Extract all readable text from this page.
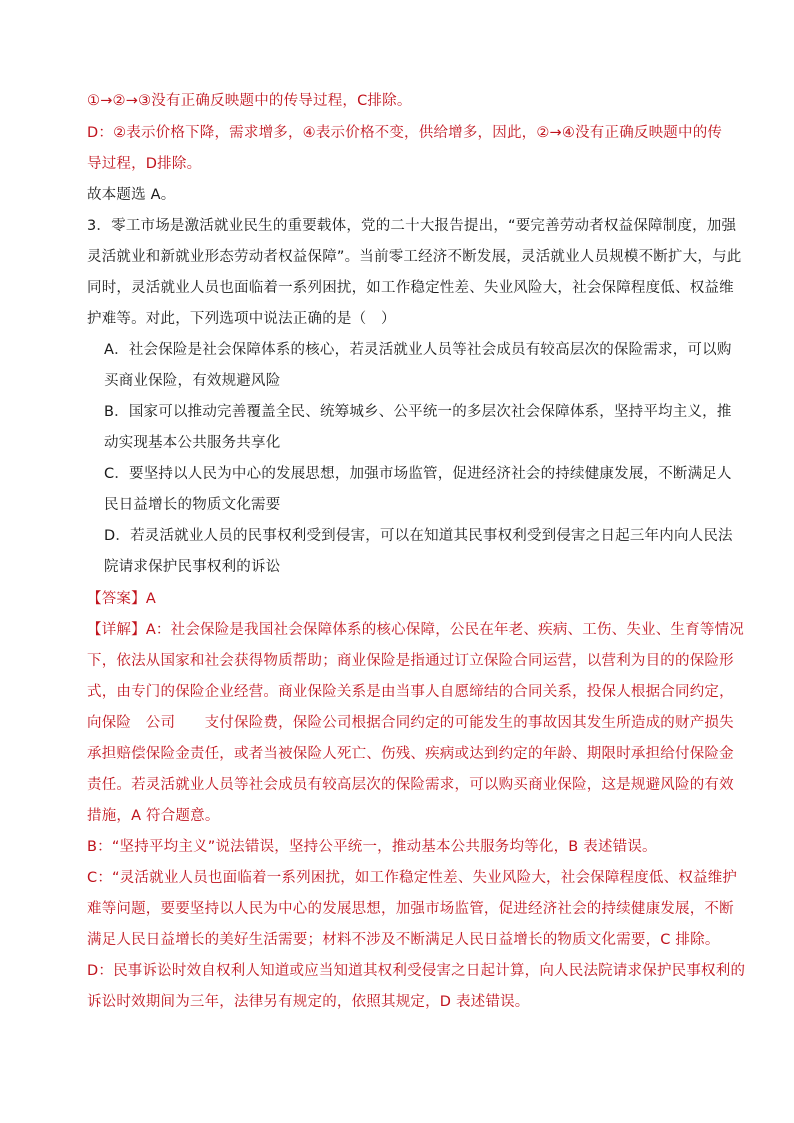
①→②→③没有正确反映题中的传导过程，C排除。
D：②表示价格下降，需求增多，④表示价格不变，供给增多，因此，②→④没有正确反映题中的传
导过程，D排除。
故本题选 A。
3．零工市场是激活就业民生的重要载体，党的二十大报告提出，“要完善劳动者权益保障制度，加强
灵活就业和新就业形态劳动者权益保障”。当前零工经济不断发展，灵活就业人员规模不断扩大，与此
同时，灵活就业人员也面临着一系列困扰，如工作稳定性差、失业风险大，社会保障程度低、权益维
护难等。对此，下列选项中说法正确的是（　）
A．社会保险是社会保障体系的核心，若灵活就业人员等社会成员有较高层次的保险需求，可以购
买商业保险，有效规避风险
B．国家可以推动完善覆盖全民、统筹城乡、公平统一的多层次社会保障体系，坚持平均主义，推
动实现基本公共服务共享化
C．要坚持以人民为中心的发展思想，加强市场监管，促进经济社会的持续健康发展，不断满足人
民日益增长的物质文化需要
D．若灵活就业人员的民事权利受到侵害，可以在知道其民事权利受到侵害之日起三年内向人民法
院请求保护民事权利的诉讼
【答案】A
【详解】A：社会保险是我国社会保障体系的核心保障，公民在年老、疾病、工伤、失业、生育等情况
下，依法从国家和社会获得物质帮助；商业保险是指通过订立保险合同运营，以营利为目的的保险形
式，由专门的保险企业经营。商业保险关系是由当事人自愿缔结的合同关系，投保人根据合同约定，
向保险　公司　　支付保险费，保险公司根据合同约定的可能发生的事故因其发生所造成的财产损失
承担赔偿保险金责任，或者当被保险人死亡、伤残、疾病或达到约定的年龄、期限时承担给付保险金
责任。若灵活就业人员等社会成员有较高层次的保险需求，可以购买商业保险，这是规避风险的有效
措施，A 符合题意。
B：“坚持平均主义”说法错误，坚持公平统一，推动基本公共服务均等化，B 表述错误。
C：“灵活就业人员也面临着一系列困扰，如工作稳定性差、失业风险大，社会保障程度低、权益维护
难等问题，要要坚持以人民为中心的发展思想，加强市场监管，促进经济社会的持续健康发展，不断
满足人民日益增长的美好生活需要；材料不涉及不断满足人民日益增长的物质文化需要，C 排除。
D：民事诉讼时效自权利人知道或应当知道其权利受侵害之日起计算，向人民法院请求保护民事权利的
诉讼时效期间为三年，法律另有规定的，依照其规定，D 表述错误。
